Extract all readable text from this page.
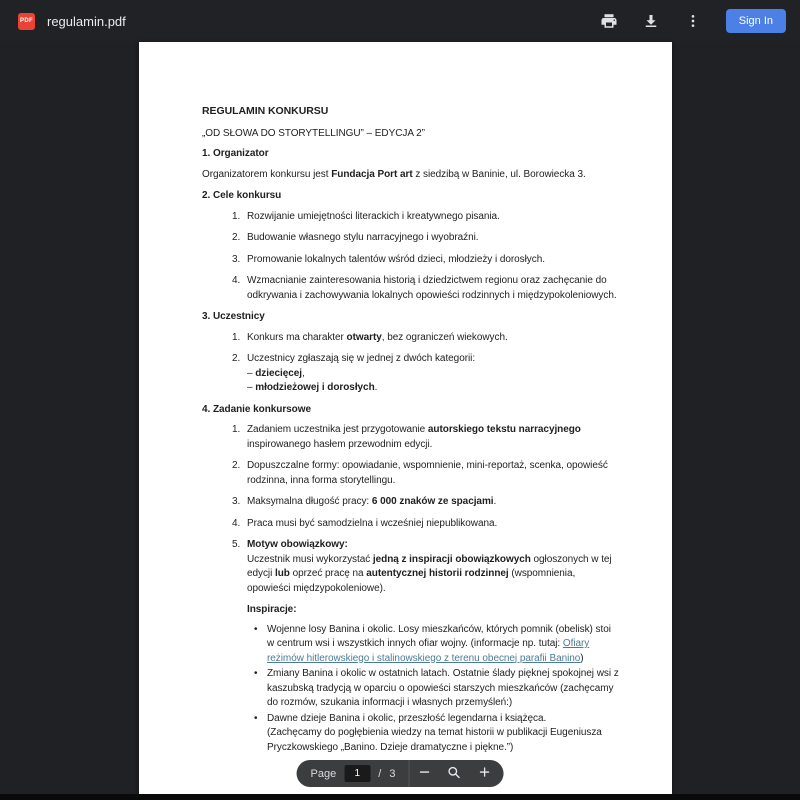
PDF regulamin.pdf	Sign In
REGULAMIN KONKURSU

„OD SŁOWA DO STORYTELLINGU” – EDYCJA 2”

1. Organizator

Organizatorem konkursu jest Fundacja Port art z siedzibą w Baninie, ul. Borowiecka 3.

2. Cele konkursu
Rozwijanie umiejętności literackich i kreatywnego pisania.
Budowanie własnego stylu narracyjnego i wyobraźni.
Promowanie lokalnych talentów wśród dzieci, młodzieży i dorosłych.
Wzmacnianie zainteresowania historią i dziedzictwem regionu oraz zachęcanie do odkrywania i zachowywania lokalnych opowieści rodzinnych i międzypokoleniowych.
3. Uczestnicy
Konkurs ma charakter otwarty, bez ograniczeń wiekowych.
Uczestnicy zgłaszają się w jednej z dwóch kategorii:
– dziecięcej,
– młodzieżowej i dorosłych.
4. Zadanie konkursowe
Zadaniem uczestnika jest przygotowanie autorskiego tekstu narracyjnego inspirowanego hasłem przewodnim edycji.
Dopuszczalne formy: opowiadanie, wspomnienie, mini-reportaż, scenka, opowieść rodzinna, inna forma storytellingu.
Maksymalna długość pracy: 6 000 znaków ze spacjami.
Praca musi być samodzielna i wcześniej niepublikowana.
Motyw obowiązkowy:
Uczestnik musi wykorzystać jedną z inspiracji obowiązkowych ogłoszonych w tej edycji lub oprzeć pracę na autentycznej historii rodzinnej (wspomnienia, opowieści międzypokoleniowe).

Inspiracje:

• Wojenne losy Banina i okolic. Losy mieszkańców, których pomnik (obelisk) stoi w centrum wsi i wszystkich innych ofiar wojny. (informacje np. tutaj: Ofiary reżimów hitlerowskiego i stalinowskiego z terenu obecnej parafii Banino)
• Zmiany Banina i okolic w ostatnich latach. Ostatnie ślady pięknej spokojnej wsi z kaszubską tradycją w oparciu o opowieści starszych mieszkańców (zachęcamy do rozmów, szukania informacji i własnych przemyśleń:)
• Dawne dzieje Banina i okolic, przeszłość legendarna i książęca.
(Zachęcamy do pogłębienia wiedzy na temat historii w publikacji Eugeniusza Pryczkowskiego „Banino. Dzieje dramatyczne i piękne.”)
Page
1	/ 3
